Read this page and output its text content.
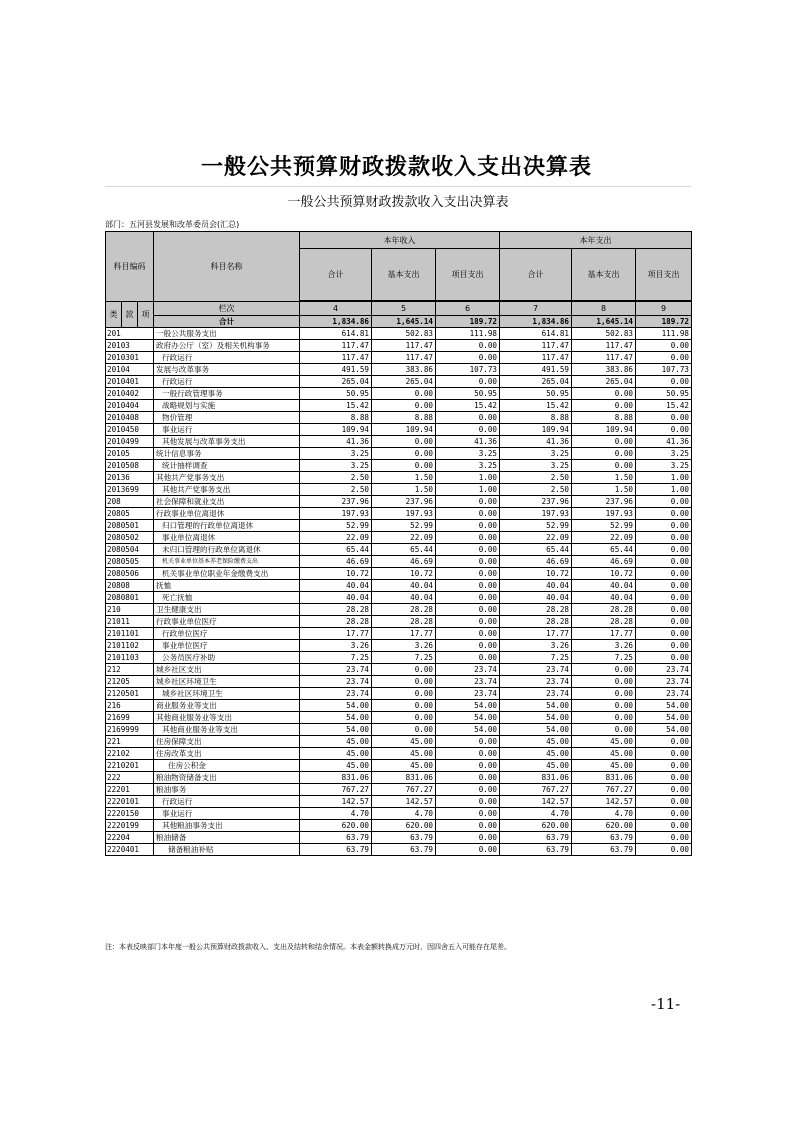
一般公共预算财政拨款收入支出决算表
一般公共预算财政拨款收入支出决算表
部门：五河县发展和改革委员会(汇总)
科目编码			科目名称	本年收入			本年支出		
				合计	基本支出	项目支出	合计	基本支出	项目支出

类	款	项	栏次	4	5	6	7	8	9
			合计	1,834.86	1,645.14	189.72	1,834.86	1,645.14	189.72
201			一般公共服务支出	614.81	502.83	111.98	614.81	502.83	111.98
20103			政府办公厅（室）及相关机构事务	117.47	117.47	0.00	117.47	117.47	0.00
2010301			行政运行	117.47	117.47	0.00	117.47	117.47	0.00
20104			发展与改革事务	491.59	383.86	107.73	491.59	383.86	107.73
2010401			行政运行	265.04	265.04	0.00	265.04	265.04	0.00
2010402			一般行政管理事务	50.95	0.00	50.95	50.95	0.00	50.95
2010404			战略规划与实施	15.42	0.00	15.42	15.42	0.00	15.42
2010408			物价管理	8.88	8.88	0.00	8.88	8.88	0.00
2010450			事业运行	109.94	109.94	0.00	109.94	109.94	0.00
2010499			其他发展与改革事务支出	41.36	0.00	41.36	41.36	0.00	41.36
20105			统计信息事务	3.25	0.00	3.25	3.25	0.00	3.25
2010508			统计抽样调查	3.25	0.00	3.25	3.25	0.00	3.25
20136			其他共产党事务支出	2.50	1.50	1.00	2.50	1.50	1.00
2013699			其他共产党事务支出	2.50	1.50	1.00	2.50	1.50	1.00
208			社会保障和就业支出	237.96	237.96	0.00	237.96	237.96	0.00
20805			行政事业单位离退休	197.93	197.93	0.00	197.93	197.93	0.00
2080501			归口管理的行政单位离退休	52.99	52.99	0.00	52.99	52.99	0.00
2080502			事业单位离退休	22.09	22.09	0.00	22.09	22.09	0.00
2080504			未归口管理的行政单位离退休	65.44	65.44	0.00	65.44	65.44	0.00
2080505			机关事业单位基本养老保险缴费支出	46.69	46.69	0.00	46.69	46.69	0.00
2080506			机关事业单位职业年金缴费支出	10.72	10.72	0.00	10.72	10.72	0.00
20808			抚恤	40.04	40.04	0.00	40.04	40.04	0.00
2080801			死亡抚恤	40.04	40.04	0.00	40.04	40.04	0.00
210			卫生健康支出	28.28	28.28	0.00	28.28	28.28	0.00
21011			行政事业单位医疗	28.28	28.28	0.00	28.28	28.28	0.00
2101101			行政单位医疗	17.77	17.77	0.00	17.77	17.77	0.00
2101102			事业单位医疗	3.26	3.26	0.00	3.26	3.26	0.00
2101103			公务员医疗补助	7.25	7.25	0.00	7.25	7.25	0.00
212			城乡社区支出	23.74	0.00	23.74	23.74	0.00	23.74
21205			城乡社区环境卫生	23.74	0.00	23.74	23.74	0.00	23.74
2120501			城乡社区环境卫生	23.74	0.00	23.74	23.74	0.00	23.74
216			商业服务业等支出	54.00	0.00	54.00	54.00	0.00	54.00
21699			其他商业服务业等支出	54.00	0.00	54.00	54.00	0.00	54.00
2169999			其他商业服务业等支出	54.00	0.00	54.00	54.00	0.00	54.00
221			住房保障支出	45.00	45.00	0.00	45.00	45.00	0.00
22102			住房改革支出	45.00	45.00	0.00	45.00	45.00	0.00
2210201			住房公积金	45.00	45.00	0.00	45.00	45.00	0.00
222			粮油物资储备支出	831.06	831.06	0.00	831.06	831.06	0.00
22201			粮油事务	767.27	767.27	0.00	767.27	767.27	0.00
2220101			行政运行	142.57	142.57	0.00	142.57	142.57	0.00
2220150			事业运行	4.70	4.70	0.00	4.70	4.70	0.00
2220199			其他粮油事务支出	620.00	620.00	0.00	620.00	620.00	0.00
22204			粮油储备	63.79	63.79	0.00	63.79	63.79	0.00
2220401			储备粮油补贴	63.79	63.79	0.00	63.79	63.79	0.00
注：本表反映部门本年度一般公共预算财政拨款收入、支出及结转和结余情况。本表金额转换成万元时，因四舍五入可能存在尾差。
-11-
